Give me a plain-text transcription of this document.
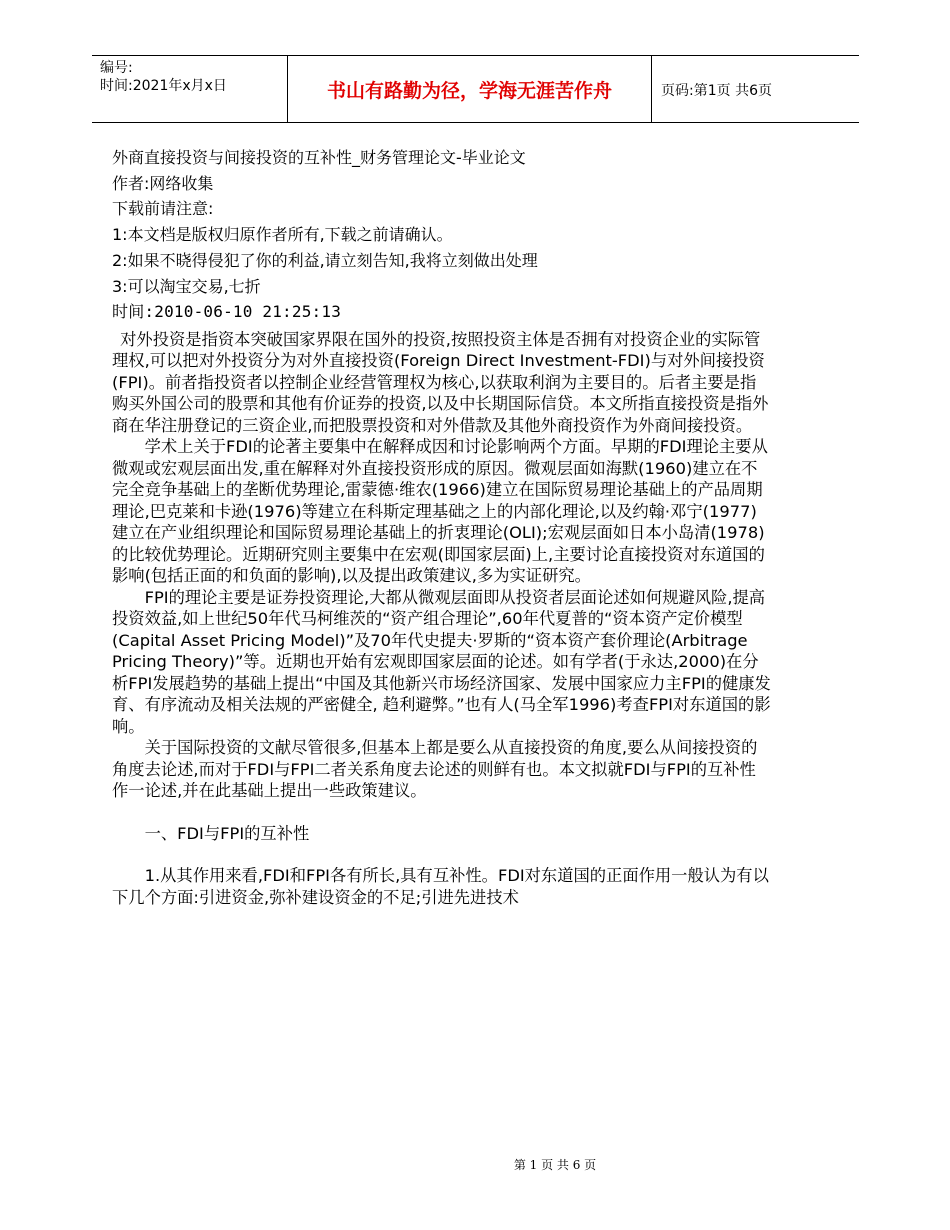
编号:
时间:2021年x月x日	书山有路勤为径，学海无涯苦作舟	页码:第1页 共6页
外商直接投资与间接投资的互补性_财务管理论文-毕业论文
作者:网络收集
下载前请注意:
1:本文档是版权归原作者所有,下载之前请确认。
2:如果不晓得侵犯了你的利益,请立刻告知,我将立刻做出处理
3:可以淘宝交易,七折
时间:2010-06-10 21:25:13

对外投资是指资本突破国家界限在国外的投资,按照投资主体是否拥有对投资企业的实际管理权,可以把对外投资分为对外直接投资(Foreign Direct Investment-FDI)与对外间接投资(FPI)。前者指投资者以控制企业经营管理权为核心,以获取利润为主要目的。后者主要是指购买外国公司的股票和其他有价证券的投资,以及中长期国际信贷。本文所指直接投资是指外商在华注册登记的三资企业,而把股票投资和对外借款及其他外商投资作为外商间接投资。

学术上关于FDI的论著主要集中在解释成因和讨论影响两个方面。早期的FDI理论主要从微观或宏观层面出发,重在解释对外直接投资形成的原因。微观层面如海默(1960)建立在不完全竞争基础上的垄断优势理论,雷蒙德·维农(1966)建立在国际贸易理论基础上的产品周期理论,巴克莱和卡逊(1976)等建立在科斯定理基础之上的内部化理论,以及约翰·邓宁(1977)建立在产业组织理论和国际贸易理论基础上的折衷理论(OLI);宏观层面如日本小岛清(1978)的比较优势理论。近期研究则主要集中在宏观(即国家层面)上,主要讨论直接投资对东道国的影响(包括正面的和负面的影响),以及提出政策建议,多为实证研究。

FPI的理论主要是证券投资理论,大都从微观层面即从投资者层面论述如何规避风险,提高投资效益,如上世纪50年代马柯维茨的“资产组合理论”,60年代夏普的“资本资产定价模型(Capital Asset Pricing Model)”及70年代史提夫·罗斯的“资本资产套价理论(Arbitrage Pricing Theory)”等。近期也开始有宏观即国家层面的论述。如有学者(于永达,2000)在分析FPI发展趋势的基础上提出“中国及其他新兴市场经济国家、发展中国家应力主FPI的健康发育、有序流动及相关法规的严密健全, 趋利避弊。”也有人(马全军1996)考查FPI对东道国的影响。

关于国际投资的文献尽管很多,但基本上都是要么从直接投资的角度,要么从间接投资的角度去论述,而对于FDI与FPI二者关系角度去论述的则鲜有也。本文拟就FDI与FPI的互补性作一论述,并在此基础上提出一些政策建议。

一、FDI与FPI的互补性

1.从其作用来看,FDI和FPI各有所长,具有互补性。FDI对东道国的正面作用一般认为有以下几个方面:引进资金,弥补建设资金的不足;引进先进技术

第 1 页 共 6 页
